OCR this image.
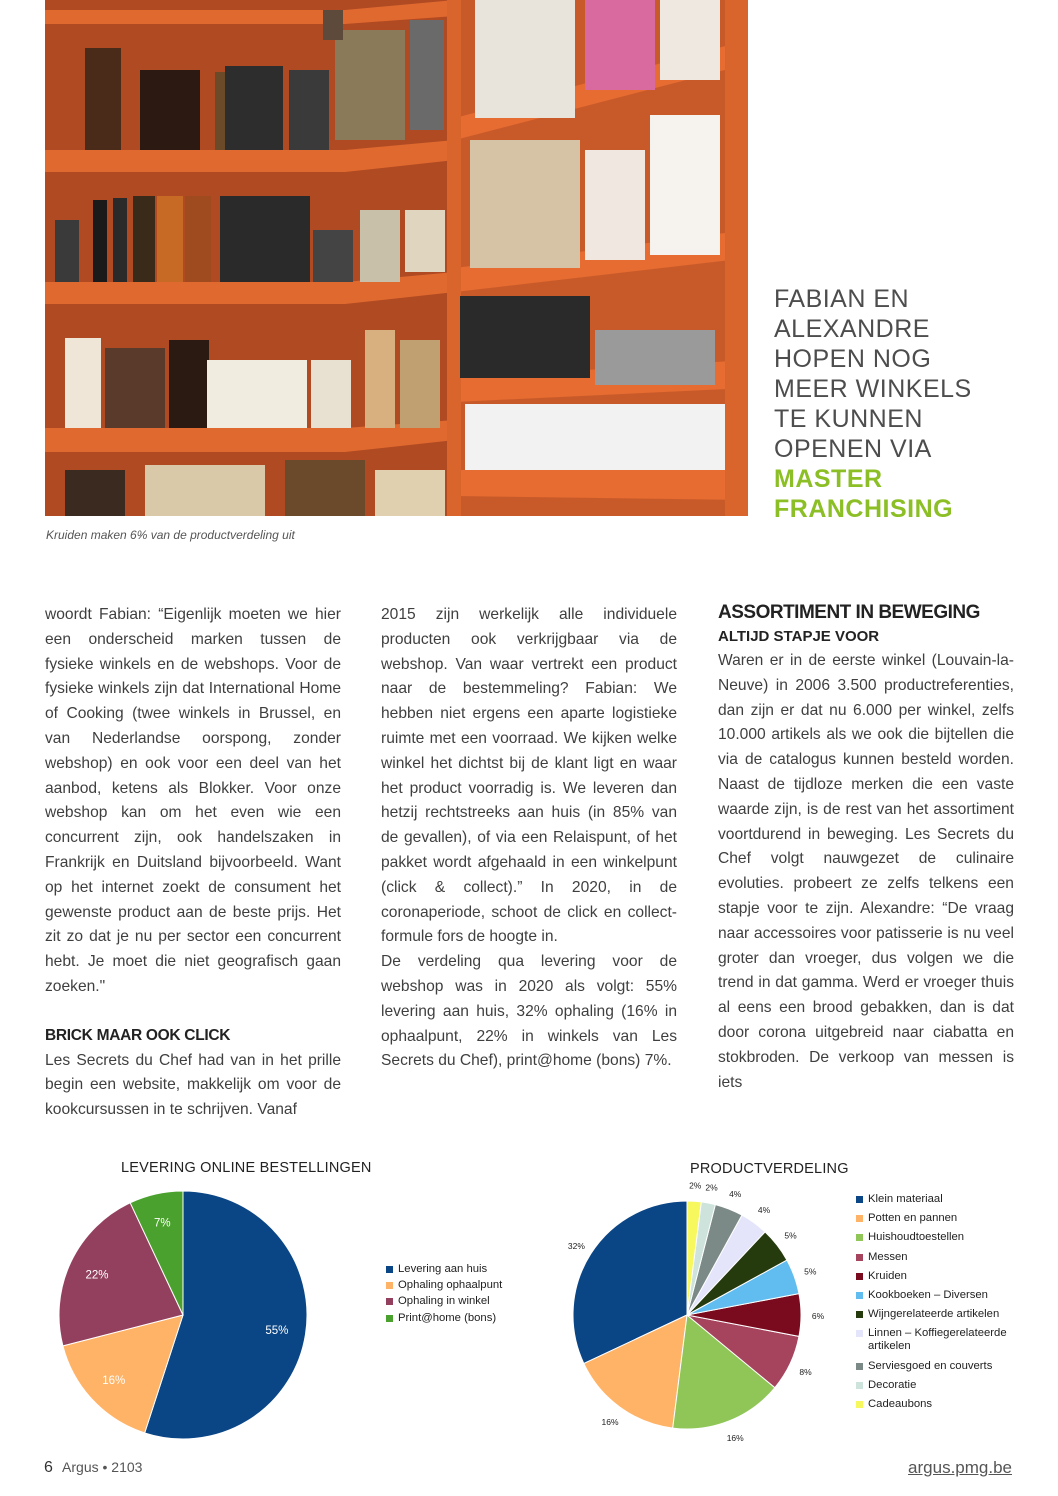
Kruiden maken 6% van de productverdeling uit
FABIAN EN
ALEXANDRE
HOPEN NOG
MEER WINKELS
TE KUNNEN
OPENEN VIA
MASTER
FRANCHISING

woordt Fabian: “Eigenlijk moeten we hier een onderscheid marken tussen de fysieke winkels en de webshops. Voor de fysieke winkels zijn dat International Home of Cooking (twee winkels in Brussel, en van Nederlandse oorspong, zonder webshop) en ook voor een deel van het aanbod, ketens als Blokker. Voor onze webshop kan om het even wie een concurrent zijn, ook handelszaken in Frankrijk en Duitsland bijvoorbeeld. Want op het internet zoekt de consument het gewenste product aan de beste prijs. Het zit zo dat je nu per sector een concurrent hebt. Je moet die niet geografisch gaan zoeken."

BRICK MAAR OOK CLICK

Les Secrets du Chef had van in het prille begin een website, makkelijk om voor de kookcursussen in te schrijven. Vanaf

2015 zijn werkelijk alle individuele producten ook verkrijgbaar via de webshop. Van waar vertrekt een product naar de bestemmeling? Fabian: We hebben niet ergens een aparte logistieke ruimte met een voorraad. We kijken welke winkel het dichtst bij de klant ligt en waar het product voorradig is. We leveren dan hetzij rechtstreeks aan huis (in 85% van de gevallen), of via een Relaispunt, of het pakket wordt afgehaald in een winkelpunt (click & collect).” In 2020, in de coronaperiode, schoot de click en collect-formule fors de hoogte in.

De verdeling qua levering voor de webshop was in 2020 als volgt: 55% levering aan huis, 32% ophaling (16% in ophaalpunt, 22% in winkels van Les Secrets du Chef), print@home (bons) 7%.

ASSORTIMENT IN BEWEGING
ALTIJD STAPJE VOOR

Waren er in de eerste winkel (Louvain-la-Neuve) in 2006 3.500 productreferenties, dan zijn er dat nu 6.000 per winkel, zelfs 10.000 artikels als we ook die bijtellen die via de catalogus kunnen besteld worden. Naast de tijdloze merken die een vaste waarde zijn, is de rest van het assortiment voortdurend in beweging. Les Secrets du Chef volgt nauwgezet de culinaire evoluties. probeert ze zelfs telkens een stapje voor te zijn. Alexandre: “De vraag naar accessoires voor patisserie is nu veel groter dan vroeger, dus volgen we die trend in dat gamma. Werd er vroeger thuis al eens een brood gebakken, dan is dat door corona uitgebreid naar ciabatta en stokbroden. De verkoop van messen is iets

LEVERING ONLINE BESTELLINGEN
55%
16%
22%
7%
Levering aan huis
Ophaling ophaalpunt
Ophaling in winkel
Print@home (bons)
PRODUCTVERDELING
32%
16%
16%
8%
6%
5%
5%
4%
4%
2%
2%
Klein materiaal
Potten en pannen
Huishoudtoestellen
Messen
Kruiden
Kookboeken – Diversen
Wijngerelateerde artikelen
Linnen – Koffiegerelateerde artikelen
Serviesgoed en couverts
Decoratie
Cadeaubons
6 Argus • 2103	argus.pmg.be
